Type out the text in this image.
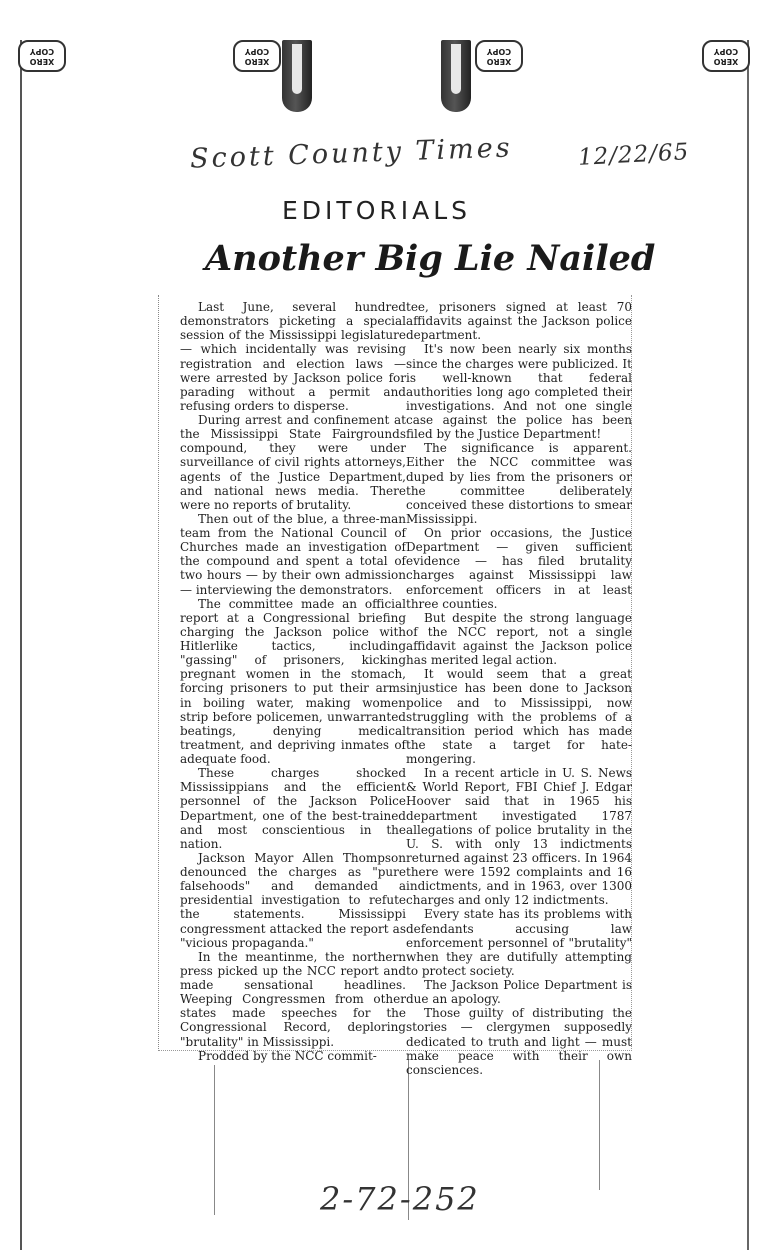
XERO
COPY
XERO
COPY
XERO
COPY
XERO
COPY
Scott County Times	12/22/65
EDITORIALS
Another Big Lie Nailed

Last June, several hundred demonstrators picketing a special session of the Mississippi legislature — which incidentally was revising registration and election laws — were arrested by Jackson police for parading without a permit and refusing orders to disperse.

During arrest and confinement at the Mississippi State Fairgrounds compound, they were under surveillance of civil rights attorneys, agents of the Justice Department, and national news media. There were no reports of brutality.

Then out of the blue, a three-man team from the National Council of Churches made an investigation of the compound and spent a total of two hours — by their own admission — interviewing the demonstrators.

The committee made an official report at a Congressional briefing charging the Jackson police with Hitlerlike tactics, including "gassing" of prisoners, kicking pregnant women in the stomach, forcing prisoners to put their arms in boiling water, making women strip before policemen, unwarranted beatings, denying medical treatment, and depriving inmates of adequate food.

These charges shocked Mississippians and the efficient personnel of the Jackson Police Department, one of the best-trained and most conscientious in the nation.

Jackson Mayor Allen Thompson denounced the charges as "pure falsehoods" and demanded a presidential investigation to refute the statements. Mississippi congressment attacked the report as "vicious propaganda."

In the meantinme, the northern press picked up the NCC report and made sensational headlines. Weeping Congressmen from other states made speeches for the Congressional Record, deploring "brutality" in Mississippi.

Prodded by the NCC commit-

tee, prisoners signed at least 70 affidavits against the Jackson police department.

It's now been nearly six months since the charges were publicized. It is well-known that federal authorities long ago completed their investigations. And not one single case against the police has been filed by the Justice Department!

The significance is apparent. Either the NCC committee was duped by lies from the prisoners or the committee deliberately conceived these distortions to smear Mississippi.

On prior occasions, the Justice Department — given sufficient evidence — has filed brutality charges against Mississippi law enforcement officers in at least three counties.

But despite the strong language of the NCC report, not a single affidavit against the Jackson police has merited legal action.

It would seem that a great injustice has been done to Jackson police and to Mississippi, now struggling with the problems of a transition period which has made the state a target for hate-mongering.

In a recent article in U. S. News & World Report, FBI Chief J. Edgar Hoover said that in 1965 his department investigated 1787 allegations of police brutality in the U. S. with only 13 indictments returned against 23 officers. In 1964 there were 1592 complaints and 16 indictments, and in 1963, over 1300 charges and only 12 indictments.

Every state has its problems with defendants accusing law enforcement personnel of "brutality" when they are dutifully attempting to protect society.

The Jackson Police Department is due an apology.

Those guilty of distributing the stories — clergymen supposedly dedicated to truth and light — must make peace with their own consciences.

2-72-252
